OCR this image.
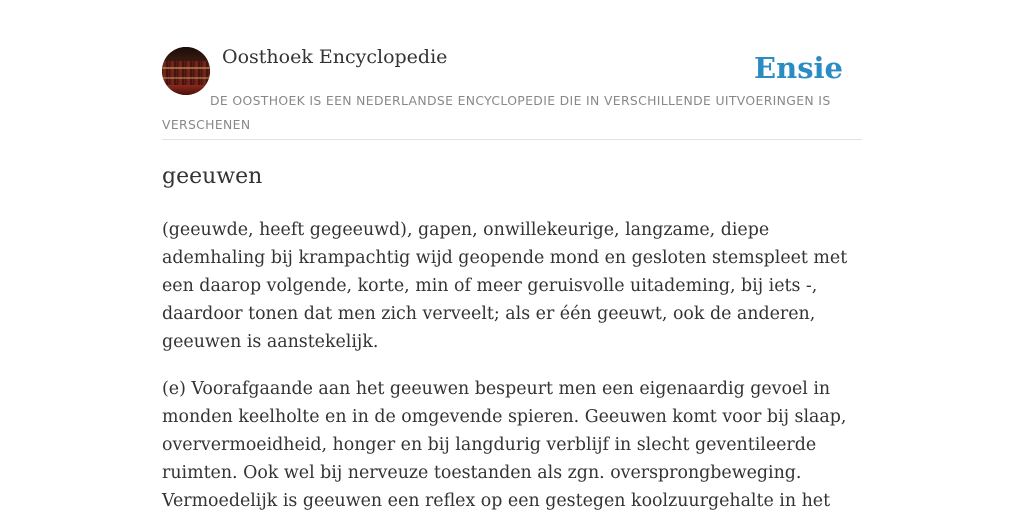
Oosthoek Encyclopedie	Ensie
DE OOSTHOEK IS EEN NEDERLANDSE ENCYCLOPEDIE DIE IN VERSCHILLENDE UITVOERINGEN IS VERSCHENEN
geeuwen

(geeuwde, heeft gegeeuwd), gapen, onwillekeurige, langzame, diepe ademhaling bij krampachtig wijd geopende mond en gesloten stemspleet met een daarop volgende, korte, min of meer geruisvolle uitademing, bij iets -, daardoor tonen dat men zich verveelt; als er één geeuwt, ook de anderen, geeuwen is aanstekelijk.

(e) Voorafgaande aan het geeuwen bespeurt men een eigenaardig gevoel in monden keelholte en in de omgevende spieren. Geeuwen komt voor bij slaap, oververmoeidheid, honger en bij langdurig verblijf in slecht geventileerde ruimten. Ook wel bij nerveuze toestanden als zgn. oversprongbeweging. Vermoedelijk is geeuwen een reflex op een gestegen koolzuurgehalte in het
